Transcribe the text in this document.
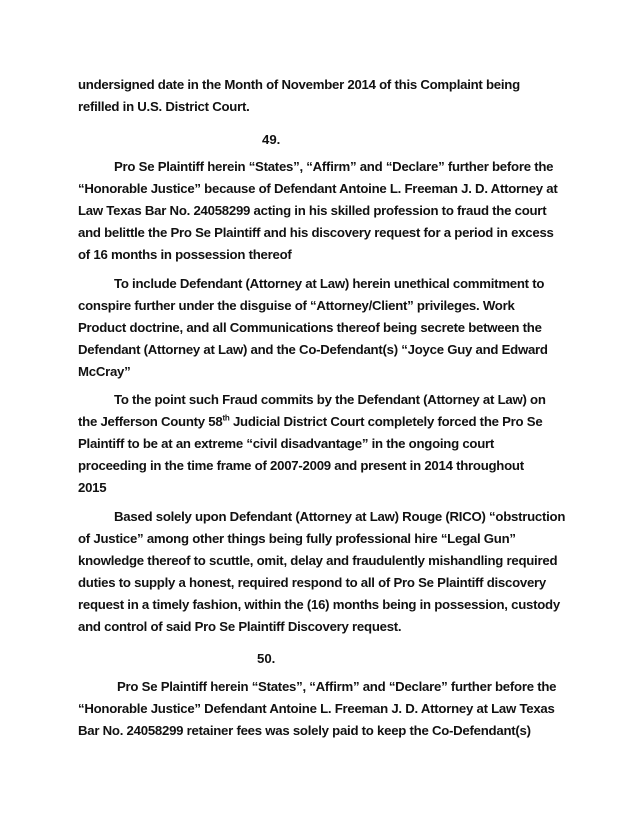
undersigned date in the Month of November 2014 of this Complaint being
refilled in U.S. District Court.
49.
Pro Se Plaintiff herein “States”, “Affirm” and “Declare” further before the
“Honorable Justice” because of Defendant Antoine L. Freeman J. D. Attorney at
Law Texas Bar No. 24058299 acting in his skilled profession to fraud the court
and belittle the Pro Se Plaintiff and his discovery request for a period in excess
of 16 months in possession thereof
To include Defendant (Attorney at Law) herein unethical commitment to
conspire further under the disguise of “Attorney/Client” privileges. Work
Product doctrine, and all Communications thereof being secrete between the
Defendant (Attorney at Law) and the Co-Defendant(s) “Joyce Guy and Edward
McCray”
To the point such Fraud commits by the Defendant (Attorney at Law) on
the Jefferson County 58th Judicial District Court completely forced the Pro Se
Plaintiff to be at an extreme “civil disadvantage” in the ongoing court
proceeding in the time frame of 2007-2009 and present in 2014 throughout
2015
Based solely upon Defendant (Attorney at Law) Rouge (RICO) “obstruction
of Justice” among other things being fully professional hire “Legal Gun”
knowledge thereof to scuttle, omit, delay and fraudulently mishandling required
duties to supply a honest, required respond to all of Pro Se Plaintiff discovery
request in a timely fashion, within the (16) months being in possession, custody
and control of said Pro Se Plaintiff Discovery request.
50.
Pro Se Plaintiff herein “States”, “Affirm” and “Declare” further before the
“Honorable Justice” Defendant Antoine L. Freeman J. D. Attorney at Law Texas
Bar No. 24058299 retainer fees was solely paid to keep the Co-Defendant(s)
